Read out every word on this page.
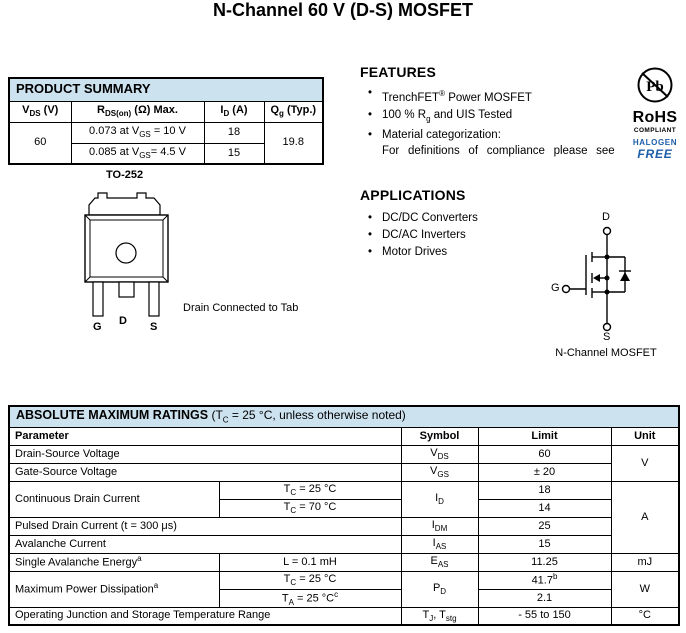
N-Channel 60 V (D-S) MOSFET
PRODUCT SUMMARY			
$V_{DS}$ (V)	$R_{DS(on)}$ (Ω) Max.	$I_D$ (A)	$Q_g$ (Typ.)
60	0.073 at $V_{GS} = 10$ V	18	19.8
	0.085 at $V_{GS}= 4.5$ V	15	
FEATURES
• TrenchFET® Power MOSFET
• 100 % $R_g$ and UIS Tested
• Material categorization:
For definitions of compliance please see
Pb
RoHS
COMPLIANT
HALOGEN
FREE
TO-252
G D S
Drain Connected to Tab
APPLICATIONS
• DC/DC Converters
• DC/AC Inverters
• Motor Drives
D
G
S
N-Channel MOSFET
ABSOLUTE MAXIMUM RATINGS ($T_C = 25$ °C, unless otherwise noted)				
Parameter		Symbol	Limit	Unit
Drain-Source Voltage		$V_{DS}$	60	V
Gate-Source Voltage		$V_{GS}$	± 20	
Continuous Drain Current	$T_C = 25$ °C	$I_D$	18	A
	$T_C = 70$ °C		14	
Pulsed Drain Current (t = 300 μs)		$I_{DM}$	25	
Avalanche Current		$I_{AS}$	15	
Single Avalanche Energy$^a$	L = 0.1 mH	$E_{AS}$	11.25	mJ
Maximum Power Dissipation$^a$	$T_C = 25$ °C	$P_D$	41.7$^b$	W
	$T_A = 25$ $^\circ C^c$		2.1	
Operating Junction and Storage Temperature Range		$T_J$, $T_{stg}$	- 55 to 150	°C
